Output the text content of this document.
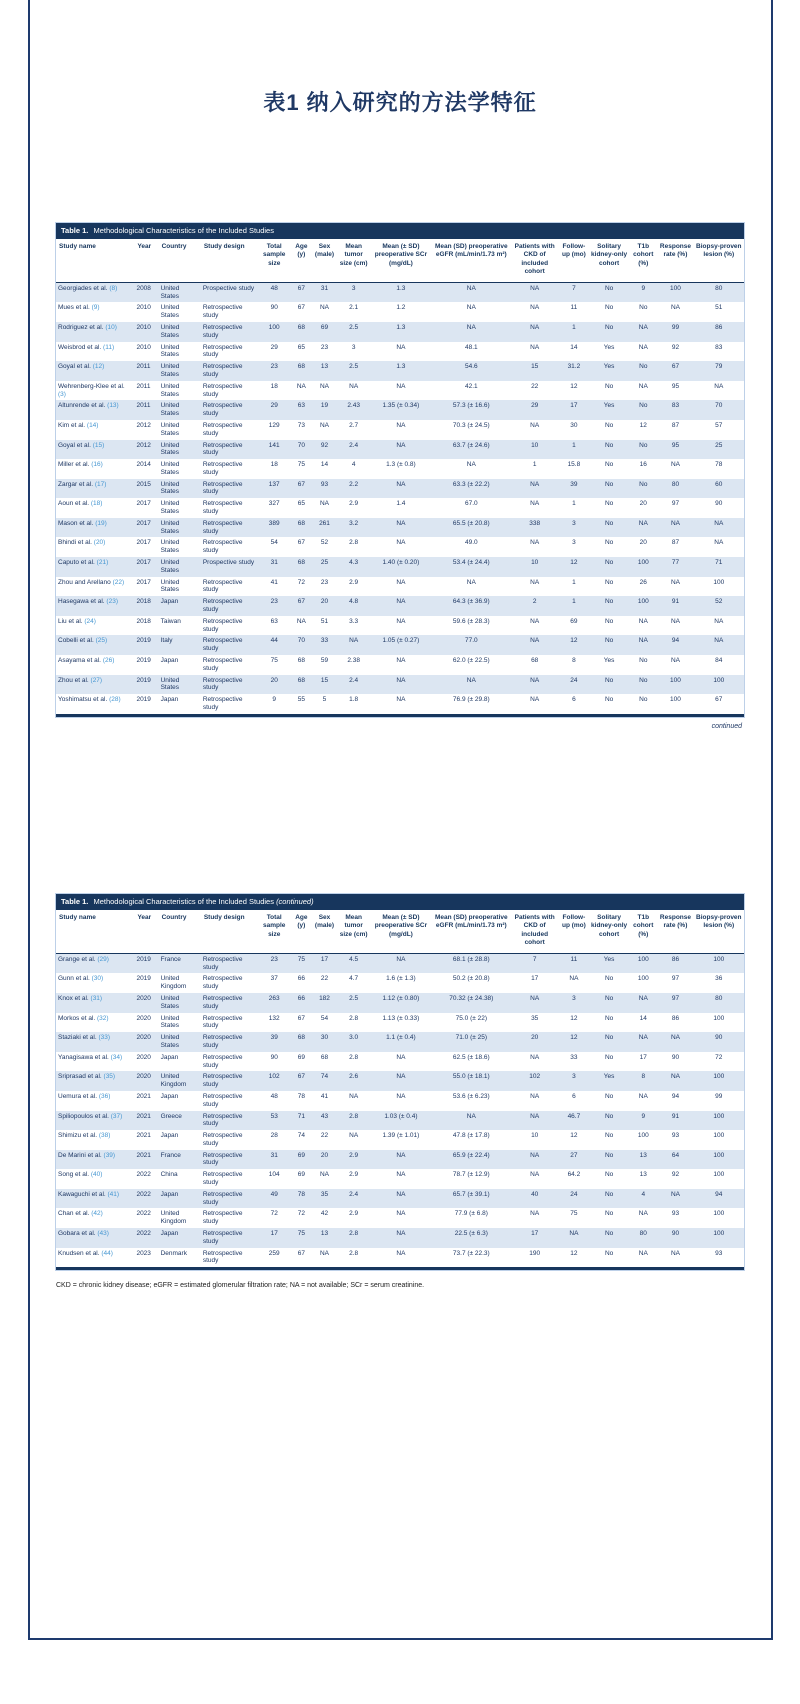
表1 纳入研究的方法学特征
Table 1. Methodological Characteristics of the Included Studies
Study name	Year	Country	Study design	Total sample size	Age (y)	Sex (male)	Mean tumor size (cm)	Mean (± SD) preoperative SCr (mg/dL)	Mean (SD) preoperative eGFR (mL/min/1.73 m²)	Patients with CKD of included cohort	Follow-up (mo)	Solitary kidney-only cohort	T1b cohort (%)	Response rate (%)	Biopsy-proven lesion (%)
Georgiades et al. (8)	2008	United States	Prospective study	48	67	31	3	1.3	NA	NA	7	No	9	100	80
Mues et al. (9)	2010	United States	Retrospective study	90	67	NA	2.1	1.2	NA	NA	11	No	No	NA	51
Rodriguez et al. (10)	2010	United States	Retrospective study	100	68	69	2.5	1.3	NA	NA	1	No	NA	99	86
Weisbrod et al. (11)	2010	United States	Retrospective study	29	65	23	3	NA	48.1	NA	14	Yes	NA	92	83
Goyal et al. (12)	2011	United States	Retrospective study	23	68	13	2.5	1.3	54.6	15	31.2	Yes	No	67	79
Wehrenberg-Klee et al. (3)	2011	United States	Retrospective study	18	NA	NA	NA	NA	42.1	22	12	No	NA	95	NA
Altunrende et al. (13)	2011	United States	Retrospective study	29	63	19	2.43	1.35 (± 0.34)	57.3 (± 16.6)	29	17	Yes	No	83	70
Kim et al. (14)	2012	United States	Retrospective study	129	73	NA	2.7	NA	70.3 (± 24.5)	NA	30	No	12	87	57
Goyal et al. (15)	2012	United States	Retrospective study	141	70	92	2.4	NA	63.7 (± 24.6)	10	1	No	No	95	25
Miller et al. (16)	2014	United States	Retrospective study	18	75	14	4	1.3 (± 0.8)	NA	1	15.8	No	16	NA	78
Zargar et al. (17)	2015	United States	Retrospective study	137	67	93	2.2	NA	63.3 (± 22.2)	NA	39	No	No	80	60
Aoun et al. (18)	2017	United States	Retrospective study	327	65	NA	2.9	1.4	67.0	NA	1	No	20	97	90
Mason et al. (19)	2017	United States	Retrospective study	389	68	261	3.2	NA	65.5 (± 20.8)	338	3	No	NA	NA	NA
Bhindi et al. (20)	2017	United States	Retrospective study	54	67	52	2.8	NA	49.0	NA	3	No	20	87	NA
Caputo et al. (21)	2017	United States	Prospective study	31	68	25	4.3	1.40 (± 0.20)	53.4 (± 24.4)	10	12	No	100	77	71
Zhou and Arellano (22)	2017	United States	Retrospective study	41	72	23	2.9	NA	NA	NA	1	No	26	NA	100
Hasegawa et al. (23)	2018	Japan	Retrospective study	23	67	20	4.8	NA	64.3 (± 36.9)	2	1	No	100	91	52
Liu et al. (24)	2018	Taiwan	Retrospective study	63	NA	51	3.3	NA	59.6 (± 28.3)	NA	69	No	NA	NA	NA
Cobelli et al. (25)	2019	Italy	Retrospective study	44	70	33	NA	1.05 (± 0.27)	77.0	NA	12	No	NA	94	NA
Asayama et al. (26)	2019	Japan	Retrospective study	75	68	59	2.38	NA	62.0 (± 22.5)	68	8	Yes	No	NA	84
Zhou et al. (27)	2019	United States	Retrospective study	20	68	15	2.4	NA	NA	NA	24	No	No	100	100
Yoshimatsu et al. (28)	2019	Japan	Retrospective study	9	55	5	1.8	NA	76.9 (± 29.8)	NA	6	No	No	100	67
continued
Table 1. Methodological Characteristics of the Included Studies (continued)
Study name	Year	Country	Study design	Total sample size	Age (y)	Sex (male)	Mean tumor size (cm)	Mean (± SD) preoperative SCr (mg/dL)	Mean (SD) preoperative eGFR (mL/min/1.73 m²)	Patients with CKD of included cohort	Follow-up (mo)	Solitary kidney-only cohort	T1b cohort (%)	Response rate (%)	Biopsy-proven lesion (%)
Grange et al. (29)	2019	France	Retrospective study	23	75	17	4.5	NA	68.1 (± 28.8)	7	11	Yes	100	86	100
Gunn et al. (30)	2019	United Kingdom	Retrospective study	37	66	22	4.7	1.6 (± 1.3)	50.2 (± 20.8)	17	NA	No	100	97	36
Knox et al. (31)	2020	United States	Retrospective study	263	66	182	2.5	1.12 (± 0.80)	70.32 (± 24.38)	NA	3	No	NA	97	80
Morkos et al. (32)	2020	United States	Retrospective study	132	67	54	2.8	1.13 (± 0.33)	75.0 (± 22)	35	12	No	14	86	100
Staziaki et al. (33)	2020	United States	Retrospective study	39	68	30	3.0	1.1 (± 0.4)	71.0 (± 25)	20	12	No	NA	NA	90
Yanagisawa et al. (34)	2020	Japan	Retrospective study	90	69	68	2.8	NA	62.5 (± 18.6)	NA	33	No	17	90	72
Sriprasad et al. (35)	2020	United Kingdom	Retrospective study	102	67	74	2.6	NA	55.0 (± 18.1)	102	3	Yes	8	NA	100
Uemura et al. (36)	2021	Japan	Retrospective study	48	78	41	NA	NA	53.6 (± 6.23)	NA	6	No	NA	94	99
Spiliopoulos et al. (37)	2021	Greece	Retrospective study	53	71	43	2.8	1.03 (± 0.4)	NA	NA	46.7	No	9	91	100
Shimizu et al. (38)	2021	Japan	Retrospective study	28	74	22	NA	1.39 (± 1.01)	47.8 (± 17.8)	10	12	No	100	93	100
De Marini et al. (39)	2021	France	Retrospective study	31	69	20	2.9	NA	65.9 (± 22.4)	NA	27	No	13	64	100
Song et al. (40)	2022	China	Retrospective study	104	69	NA	2.9	NA	78.7 (± 12.9)	NA	64.2	No	13	92	100
Kawaguchi et al. (41)	2022	Japan	Retrospective study	49	78	35	2.4	NA	65.7 (± 39.1)	40	24	No	4	NA	94
Chan et al. (42)	2022	United Kingdom	Retrospective study	72	72	42	2.9	NA	77.9 (± 6.8)	NA	75	No	NA	93	100
Gobara et al. (43)	2022	Japan	Retrospective study	17	75	13	2.8	NA	22.5 (± 6.3)	17	NA	No	80	90	100
Knudsen et al. (44)	2023	Denmark	Retrospective study	259	67	NA	2.8	NA	73.7 (± 22.3)	190	12	No	NA	NA	93
CKD = chronic kidney disease; eGFR = estimated glomerular filtration rate; NA = not available; SCr = serum creatinine.
